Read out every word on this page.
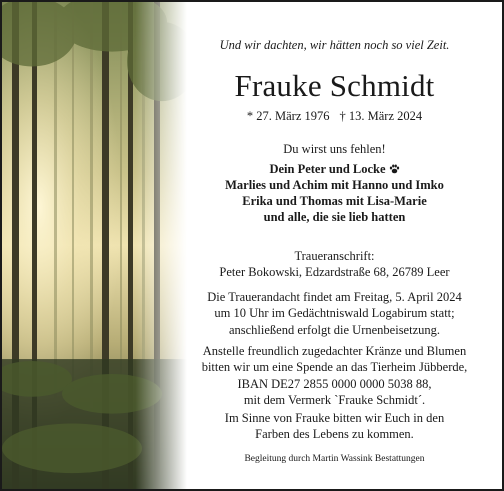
Und wir dachten, wir hätten noch so viel Zeit.
Frauke Schmidt
* 27. März 1976 † 13. März 2024
Du wirst uns fehlen!
Dein Peter und Locke
Marlies und Achim mit Hanno und Imko
Erika und Thomas mit Lisa-Marie
und alle, die sie lieb hatten
Traueranschrift:
Peter Bokowski, Edzardstraße 68, 26789 Leer
Die Trauerandacht findet am Freitag, 5. April 2024
um 10 Uhr im Gedächtniswald Logabirum statt;
anschließend erfolgt die Urnenbeisetzung.
Anstelle freundlich zugedachter Kränze und Blumen
bitten wir um eine Spende an das Tierheim Jübberde,
IBAN DE27 2855 0000 0000 5038 88,
mit dem Vermerk `Frauke Schmidt´.
Im Sinne von Frauke bitten wir Euch in den
Farben des Lebens zu kommen.
Begleitung durch Martin Wassink Bestattungen
